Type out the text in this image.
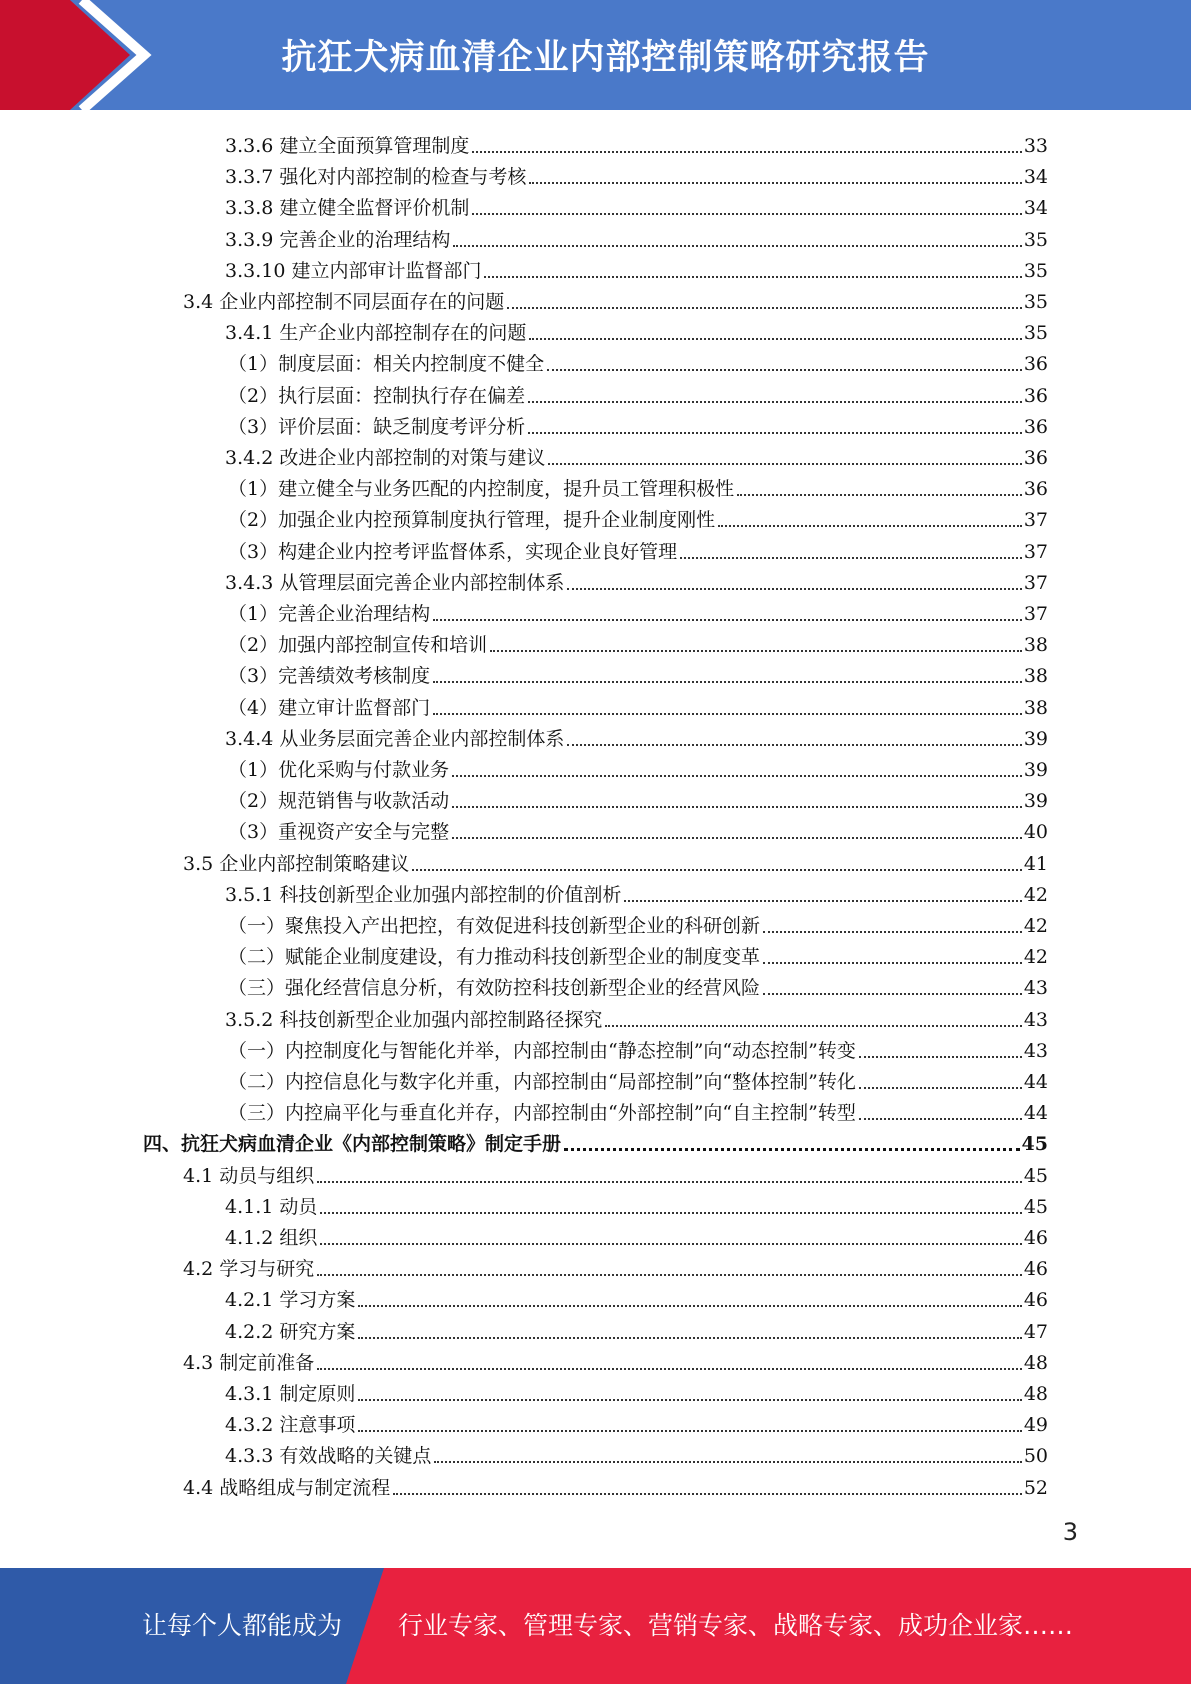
抗狂犬病血清企业内部控制策略研究报告
3.3.6 建立全面预算管理制度	33
3.3.7 强化对内部控制的检查与考核	34
3.3.8 建立健全监督评价机制	34
3.3.9 完善企业的治理结构	35
3.3.10 建立内部审计监督部门	35
3.4 企业内部控制不同层面存在的问题	35
3.4.1 生产企业内部控制存在的问题	35
（1）制度层面：相关内控制度不健全	36
（2）执行层面：控制执行存在偏差	36
（3）评价层面：缺乏制度考评分析	36
3.4.2 改进企业内部控制的对策与建议	36
（1）建立健全与业务匹配的内控制度，提升员工管理积极性	36
（2）加强企业内控预算制度执行管理，提升企业制度刚性	37
（3）构建企业内控考评监督体系，实现企业良好管理	37
3.4.3 从管理层面完善企业内部控制体系	37
（1）完善企业治理结构	37
（2）加强内部控制宣传和培训	38
（3）完善绩效考核制度	38
（4）建立审计监督部门	38
3.4.4 从业务层面完善企业内部控制体系	39
（1）优化采购与付款业务	39
（2）规范销售与收款活动	39
（3）重视资产安全与完整	40
3.5 企业内部控制策略建议	41
3.5.1 科技创新型企业加强内部控制的价值剖析	42
（一）聚焦投入产出把控，有效促进科技创新型企业的科研创新	42
（二）赋能企业制度建设，有力推动科技创新型企业的制度变革	42
（三）强化经营信息分析，有效防控科技创新型企业的经营风险	43
3.5.2 科技创新型企业加强内部控制路径探究	43
（一）内控制度化与智能化并举，内部控制由“静态控制”向“动态控制”转变	43
（二）内控信息化与数字化并重，内部控制由“局部控制”向“整体控制”转化	44
（三）内控扁平化与垂直化并存，内部控制由“外部控制”向“自主控制”转型	44
四、抗狂犬病血清企业《内部控制策略》制定手册	45
4.1 动员与组织	45
4.1.1 动员	45
4.1.2 组织	46
4.2 学习与研究	46
4.2.1 学习方案	46
4.2.2 研究方案	47
4.3 制定前准备	48
4.3.1 制定原则	48
4.3.2 注意事项	49
4.3.3 有效战略的关键点	50
4.4 战略组成与制定流程	52
3
让每个人都能成为 行业专家、管理专家、营销专家、战略专家、成功企业家……
